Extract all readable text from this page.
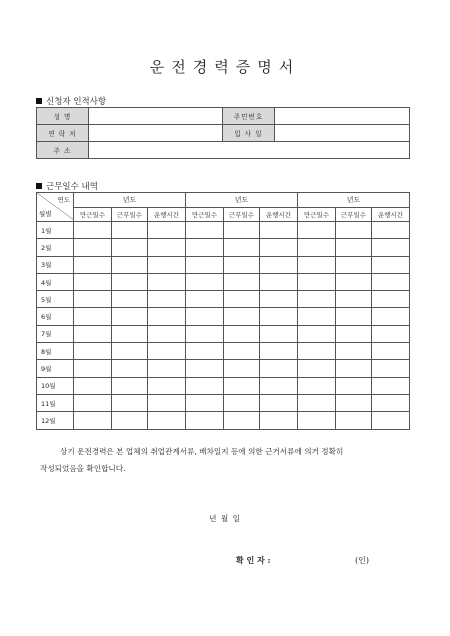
운전경력증명서
신청자 인적사항
성 명		주민번호	
연 락 처		입 사 일	
주 소			
근무일수 내역
연도
월별	년도			년도			년도		
	만근일수	근무일수	운행시간	만근일수	근무일수	운행시간	만근일수	근무일수	운행시간
1월									
2월									
3월									
4월									
5월									
6월									
7월									
8월									
9월									
10월									
11월									
12월									
상기 운전경력은 본 업체의 취업관계서류, 배차일지 등에 의한 근거서류에 의거 정확히
작성되었음을 확인합니다.
년 월 일
확 인 자 :	(인)
